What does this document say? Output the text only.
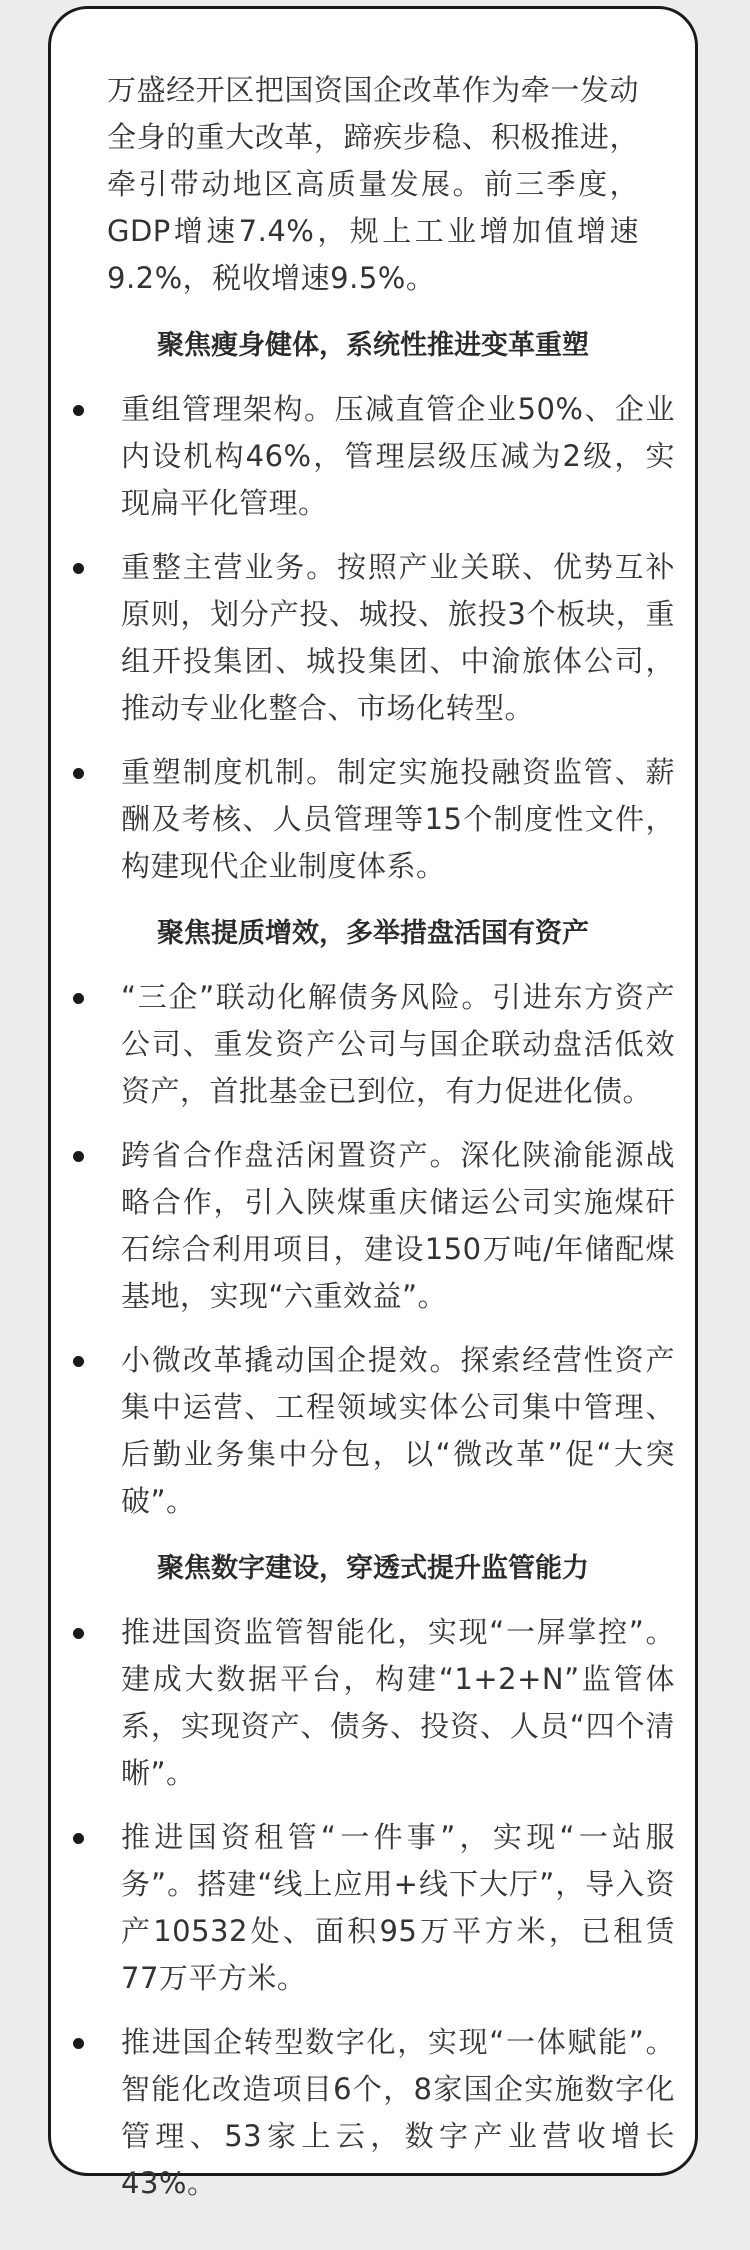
万盛经开区把国资国企改革作为牵一发动全身的重大改革，蹄疾步稳、积极推进，牵引带动地区高质量发展。前三季度，GDP增速7.4%，规上工业增加值增速9.2%，税收增速9.5%。

聚焦瘦身健体，系统性推进变革重塑
重组管理架构。压减直管企业50%、企业内设机构46%，管理层级压减为2级，实现扁平化管理。
重整主营业务。按照产业关联、优势互补原则，划分产投、城投、旅投3个板块，重组开投集团、城投集团、中渝旅体公司，推动专业化整合、市场化转型。
重塑制度机制。制定实施投融资监管、薪酬及考核、人员管理等15个制度性文件，构建现代企业制度体系。
聚焦提质增效，多举措盘活国有资产
“三企”联动化解债务风险。引进东方资产公司、重发资产公司与国企联动盘活低效资产，首批基金已到位，有力促进化债。
跨省合作盘活闲置资产。深化陕渝能源战略合作，引入陕煤重庆储运公司实施煤矸石综合利用项目，建设150万吨/年储配煤基地，实现“六重效益”。
小微改革撬动国企提效。探索经营性资产集中运营、工程领域实体公司集中管理、后勤业务集中分包，以“微改革”促“大突破”。
聚焦数字建设，穿透式提升监管能力
推进国资监管智能化，实现“一屏掌控”。建成大数据平台，构建“1+2+N”监管体系，实现资产、债务、投资、人员“四个清晰”。
推进国资租管“一件事”，实现“一站服务”。搭建“线上应用+线下大厅”，导入资产10532处、面积95万平方米，已租赁77万平方米。
推进国企转型数字化，实现“一体赋能”。智能化改造项目6个，8家国企实施数字化管理、53家上云，数字产业营收增长43%。
